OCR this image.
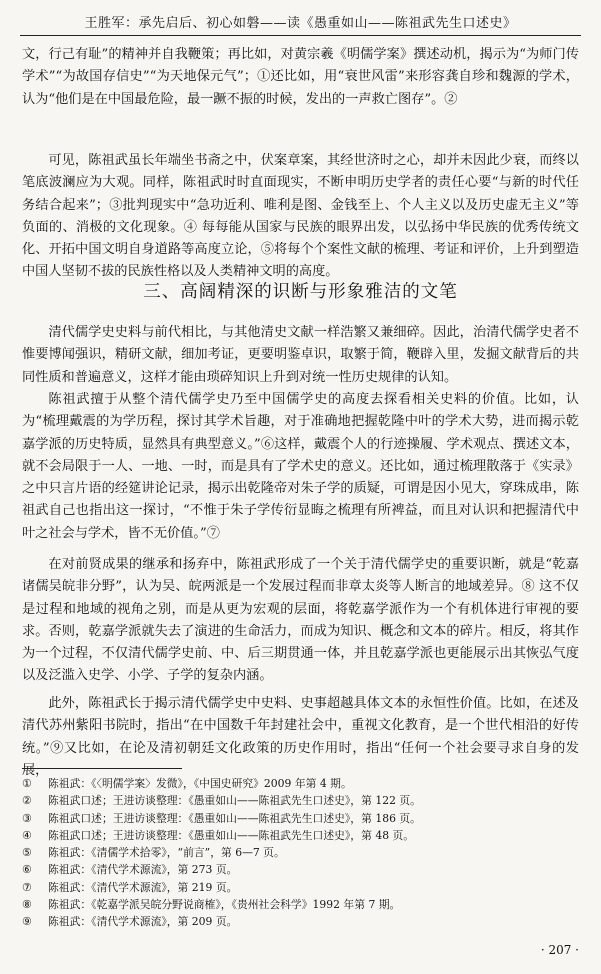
王胜军：承先启后、初心如磐——读《愚重如山——陈祖武先生口述史》

文，行己有耻”的精神并自我鞭策；再比如，对黄宗羲《明儒学案》撰述动机，揭示为“为师门传学术”“为故国存信史”“为天地保元气”；①还比如，用“衰世风雷”来形容龚自珍和魏源的学术，认为“他们是在中国最危险，最一蹶不振的时候，发出的一声救亡图存”。②

可见，陈祖武虽长年端坐书斋之中，伏案章案，其经世济时之心，却并未因此少衰，而终以笔底波澜应为大观。同样，陈祖武时时直面现实，不断申明历史学者的责任心要“与新的时代任务结合起来”；③批判现实中“急功近利、唯利是图、金钱至上、个人主义以及历史虚无主义”等负面的、消极的文化现象。④ 每每能从国家与民族的眼界出发，以弘扬中华民族的优秀传统文化、开拓中国文明自身道路等高度立论，⑤将每个个案性文献的梳理、考证和评价，上升到塑造中国人坚韧不拔的民族性格以及人类精神文明的高度。

三、高阔精深的识断与形象雅洁的文笔

清代儒学史史料与前代相比，与其他清史文献一样浩繁又兼细碎。因此，治清代儒学史者不惟要博闻强识，精研文献，细加考证，更要明鉴卓识，取繁于简，鞭辟入里，发掘文献背后的共同性质和普遍意义，这样才能由琐碎知识上升到对统一性历史规律的认知。

陈祖武擅于从整个清代儒学史乃至中国儒学史的高度去探看相关史料的价值。比如，认为“梳理戴震的为学历程，探讨其学术旨趣，对于准确地把握乾隆中叶的学术大势，进而揭示乾嘉学派的历史特质，显然具有典型意义。”⑥这样，戴震个人的行迹操履、学术观点、撰述文本，就不会局限于一人、一地、一时，而是具有了学术史的意义。还比如，通过梳理散落于《实录》之中只言片语的经筵讲论记录，揭示出乾隆帝对朱子学的质疑，可谓是因小见大，穿珠成串，陈祖武自己也指出这一探讨，“不惟于朱子学传衍显晦之梳理有所裨益，而且对认识和把握清代中叶之社会与学术，皆不无价值。”⑦

在对前贤成果的继承和扬弃中，陈祖武形成了一个关于清代儒学史的重要识断，就是“乾嘉诸儒吴皖非分野”，认为吴、皖两派是一个发展过程而非章太炎等人断言的地域差异。⑧ 这不仅是过程和地域的视角之别，而是从更为宏观的层面，将乾嘉学派作为一个有机体进行审视的要求。否则，乾嘉学派就失去了演进的生命活力，而成为知识、概念和文本的碎片。相反，将其作为一个过程，不仅清代儒学史前、中、后三期贯通一体，并且乾嘉学派也更能展示出其恢弘气度以及泛滥入史学、小学、子学的复杂内涵。

此外，陈祖武长于揭示清代儒学史中史料、史事超越具体文本的永恒性价值。比如，在述及清代苏州紫阳书院时，指出“在中国数千年封建社会中，重视文化教育，是一个世代相沿的好传统。”⑨又比如，在论及清初朝廷文化政策的历史作用时，指出“任何一个社会要寻求自身的发展，

①	陈祖武：《〈明儒学案〉发微》，《中国史研究》2009 年第 4 期。
②	陈祖武口述；王进访谈整理：《愚重如山——陈祖武先生口述史》，第 122 页。
③	陈祖武口述；王进访谈整理：《愚重如山——陈祖武先生口述史》，第 186 页。
④	陈祖武口述；王进访谈整理：《愚重如山——陈祖武先生口述史》，第 48 页。
⑤	陈祖武：《清儒学术拾零》，“前言”，第 6—7 页。
⑥	陈祖武：《清代学术源流》，第 273 页。
⑦	陈祖武：《清代学术源流》，第 219 页。
⑧	陈祖武：《乾嘉学派吴皖分野说商榷》，《贵州社会科学》1992 年第 7 期。
⑨	陈祖武：《清代学术源流》，第 209 页。
· 207 ·
